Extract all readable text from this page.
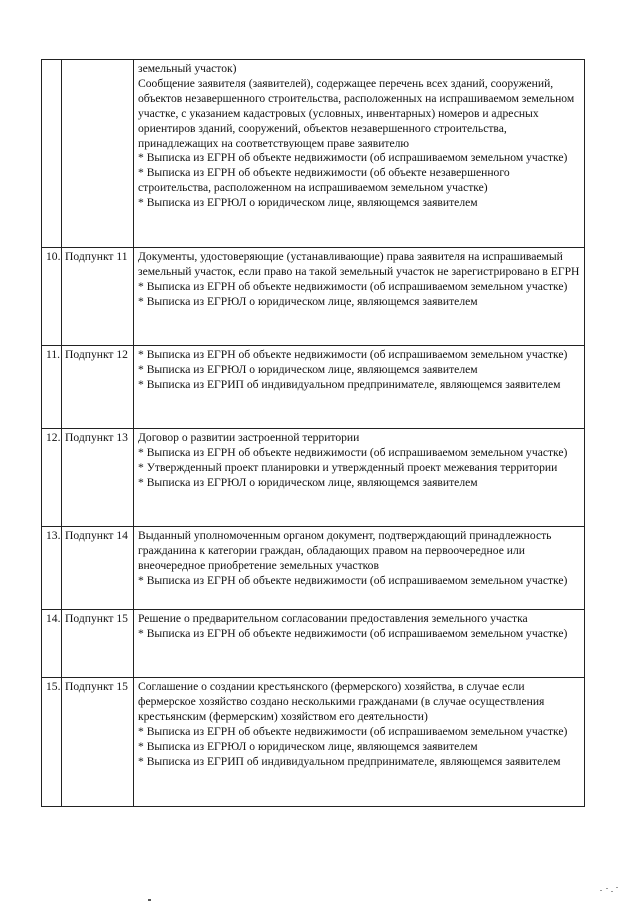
		земельный участок)
Сообщение заявителя (заявителей), содержащее перечень всех зданий, сооружений, объектов незавершенного строительства, расположенных на испрашиваемом земельном участке, с указанием кадастровых (условных, инвентарных) номеров и адресных ориентиров зданий, сооружений, объектов незавершенного строительства, принадлежащих на соответствующем праве заявителю
* Выписка из ЕГРН об объекте недвижимости (об испрашиваемом земельном участке)
* Выписка из ЕГРН об объекте недвижимости (об объекте незавершенного строительства, расположенном на испрашиваемом земельном участке)
* Выписка из ЕГРЮЛ о юридическом лице, являющемся заявителем

10.	Подпункт 11	Документы, удостоверяющие (устанавливающие) права заявителя на испрашиваемый земельный участок, если право на такой земельный участок не зарегистрировано в ЕГРН
* Выписка из ЕГРН об объекте недвижимости (об испрашиваемом земельном участке)
* Выписка из ЕГРЮЛ о юридическом лице, являющемся заявителем

11.	Подпункт 12	* Выписка из ЕГРН об объекте недвижимости (об испрашиваемом земельном участке)
* Выписка из ЕГРЮЛ о юридическом лице, являющемся заявителем
* Выписка из ЕГРИП об индивидуальном предпринимателе, являющемся заявителем

12.	Подпункт 13	Договор о развитии застроенной территории
* Выписка из ЕГРН об объекте недвижимости (об испрашиваемом земельном участке)
* Утвержденный проект планировки и утвержденный проект межевания территории
* Выписка из ЕГРЮЛ о юридическом лице, являющемся заявителем

13.	Подпункт 14	Выданный уполномоченным органом документ, подтверждающий принадлежность гражданина к категории граждан, обладающих правом на первоочередное или внеочередное приобретение земельных участков
* Выписка из ЕГРН об объекте недвижимости (об испрашиваемом земельном участке)

14.	Подпункт 15	Решение о предварительном согласовании предоставления земельного участка
* Выписка из ЕГРН об объекте недвижимости (об испрашиваемом земельном участке)

15.	Подпункт 15	Соглашение о создании крестьянского (фермерского) хозяйства, в случае если фермерское хозяйство создано несколькими гражданами (в случае осуществления крестьянским (фермерским) хозяйством его деятельности)
* Выписка из ЕГРН об объекте недвижимости (об испрашиваемом земельном участке)
* Выписка из ЕГРЮЛ о юридическом лице, являющемся заявителем
* Выписка из ЕГРИП об индивидуальном предпринимателе, являющемся заявителем
